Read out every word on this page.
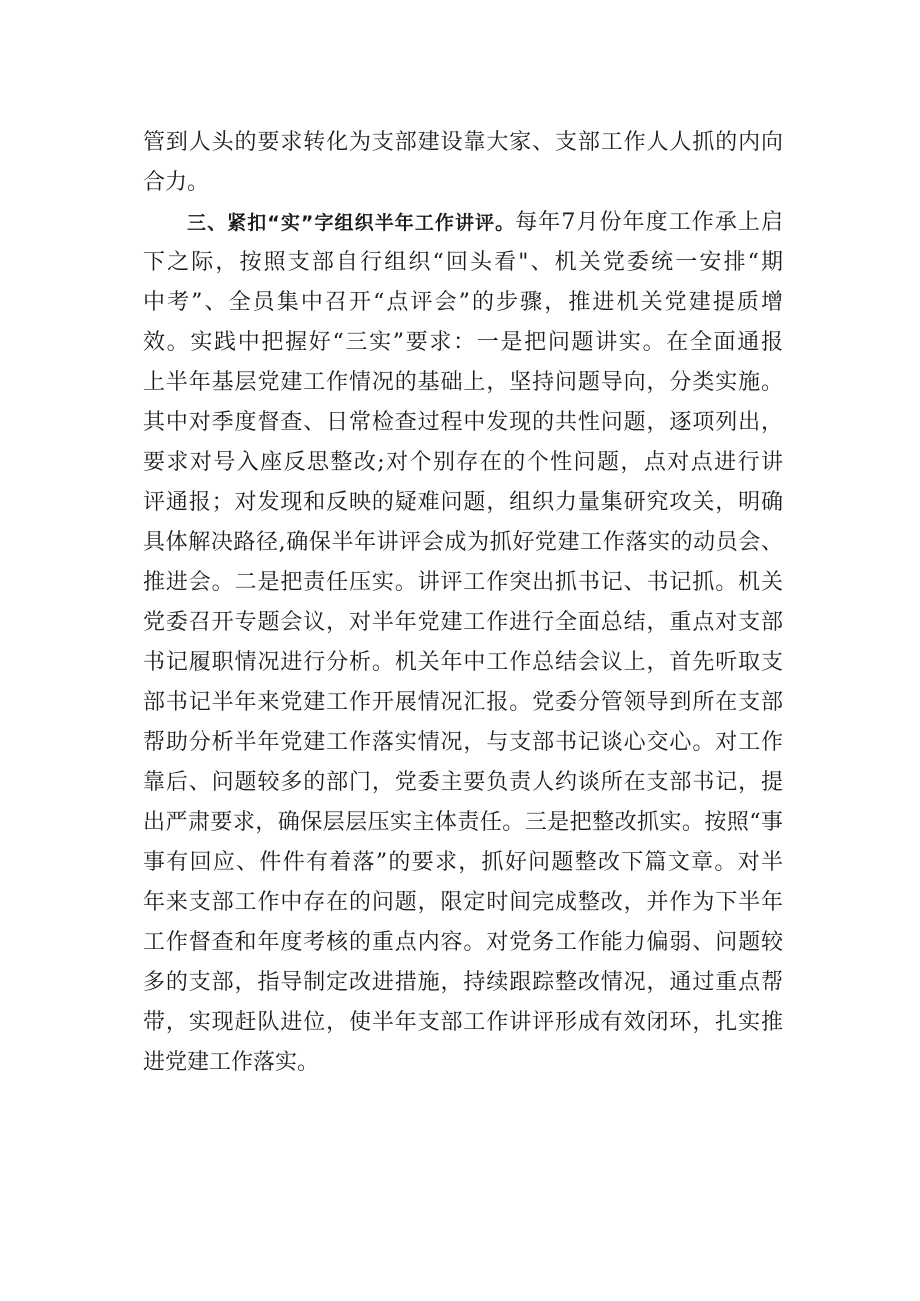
管到人头的要求转化为支部建设靠大家、支部工作人人抓的内向
合力。
三、紧扣“实”字组织半年工作讲评。每年7月份年度工作承上启
下之际，按照支部自行组织“回头看"、机关党委统一安排“期
中考”、全员集中召开“点评会”的步骤，推进机关党建提质增
效。实践中把握好“三实”要求：一是把问题讲实。在全面通报
上半年基层党建工作情况的基础上，坚持问题导向，分类实施。
其中对季度督查、日常检查过程中发现的共性问题，逐项列出，
要求对号入座反思整改;对个别存在的个性问题，点对点进行讲
评通报；对发现和反映的疑难问题，组织力量集研究攻关，明确
具体解决路径,确保半年讲评会成为抓好党建工作落实的动员会、
推进会。二是把责任压实。讲评工作突出抓书记、书记抓。机关
党委召开专题会议，对半年党建工作进行全面总结，重点对支部
书记履职情况进行分析。机关年中工作总结会议上，首先听取支
部书记半年来党建工作开展情况汇报。党委分管领导到所在支部
帮助分析半年党建工作落实情况，与支部书记谈心交心。对工作
靠后、问题较多的部门，党委主要负责人约谈所在支部书记，提
出严肃要求，确保层层压实主体责任。三是把整改抓实。按照“事
事有回应、件件有着落”的要求，抓好问题整改下篇文章。对半
年来支部工作中存在的问题，限定时间完成整改，并作为下半年
工作督查和年度考核的重点内容。对党务工作能力偏弱、问题较
多的支部，指导制定改进措施，持续跟踪整改情况，通过重点帮
带，实现赶队进位，使半年支部工作讲评形成有效闭环，扎实推
进党建工作落实。
